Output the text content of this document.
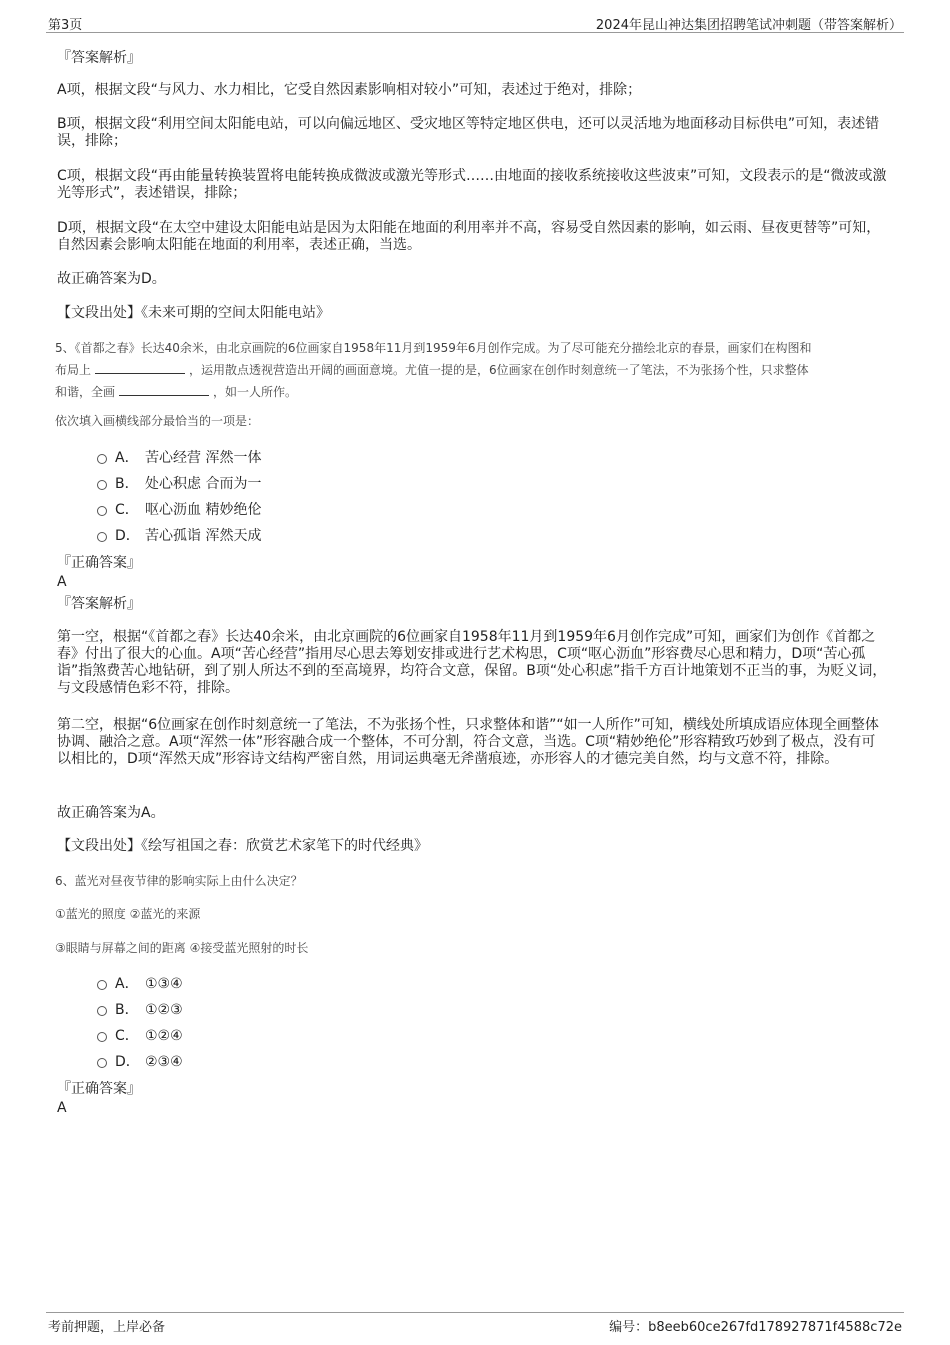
第3页	2024年昆山神达集团招聘笔试冲刺题（带答案解析）
『答案解析』
A项，根据文段“与风力、水力相比，它受自然因素影响相对较小”可知，表述过于绝对，排除；
B项，根据文段“利用空间太阳能电站，可以向偏远地区、受灾地区等特定地区供电，还可以灵活地为地面移动目标供电”可知，表述错误，排除；
C项，根据文段“再由能量转换装置将电能转换成微波或激光等形式……由地面的接收系统接收这些波束”可知，文段表示的是“微波或激光等形式”，表述错误，排除；
D项，根据文段“在太空中建设太阳能电站是因为太阳能在地面的利用率并不高，容易受自然因素的影响，如云雨、昼夜更替等”可知，自然因素会影响太阳能在地面的利用率，表述正确，当选。
故正确答案为D。
【文段出处】《未来可期的空间太阳能电站》
5、《首都之春》长达40余米，由北京画院的6位画家自1958年11月到1959年6月创作完成。为了尽可能充分描绘北京的春景，画家们在构图和
布局上	，运用散点透视营造出开阔的画面意境。尤值一提的是，6位画家在创作时刻意统一了笔法，不为张扬个性，只求整体
和谐，全画	，如一人所作。
依次填入画横线部分最恰当的一项是：
A． 苦心经营 浑然一体
B． 处心积虑 合而为一
C． 呕心沥血 精妙绝伦
D． 苦心孤诣 浑然天成
『正确答案』
A
『答案解析』
第一空，根据“《首都之春》长达40余米，由北京画院的6位画家自1958年11月到1959年6月创作完成”可知，画家们为创作《首都之春》付出了很大的心血。A项“苦心经营”指用尽心思去筹划安排或进行艺术构思，C项“呕心沥血”形容费尽心思和精力，D项“苦心孤诣”指煞费苦心地钻研，到了别人所达不到的至高境界，均符合文意，保留。B项“处心积虑”指千方百计地策划不正当的事，为贬义词，与文段感情色彩不符，排除。
第二空，根据“6位画家在创作时刻意统一了笔法，不为张扬个性，只求整体和谐”“如一人所作”可知，横线处所填成语应体现全画整体协调、融洽之意。A项“浑然一体”形容融合成一个整体，不可分割，符合文意，当选。C项“精妙绝伦”形容精致巧妙到了极点，没有可以相比的，D项“浑然天成”形容诗文结构严密自然，用词运典毫无斧凿痕迹，亦形容人的才德完美自然，均与文意不符，排除。
故正确答案为A。
【文段出处】《绘写祖国之春：欣赏艺术家笔下的时代经典》
6、蓝光对昼夜节律的影响实际上由什么决定？
①蓝光的照度 ②蓝光的来源
③眼睛与屏幕之间的距离 ④接受蓝光照射的时长
A． ①③④
B． ①②③
C． ①②④
D． ②③④
『正确答案』
A
考前押题，上岸必备	编号：b8eeb60ce267fd178927871f4588c72e
